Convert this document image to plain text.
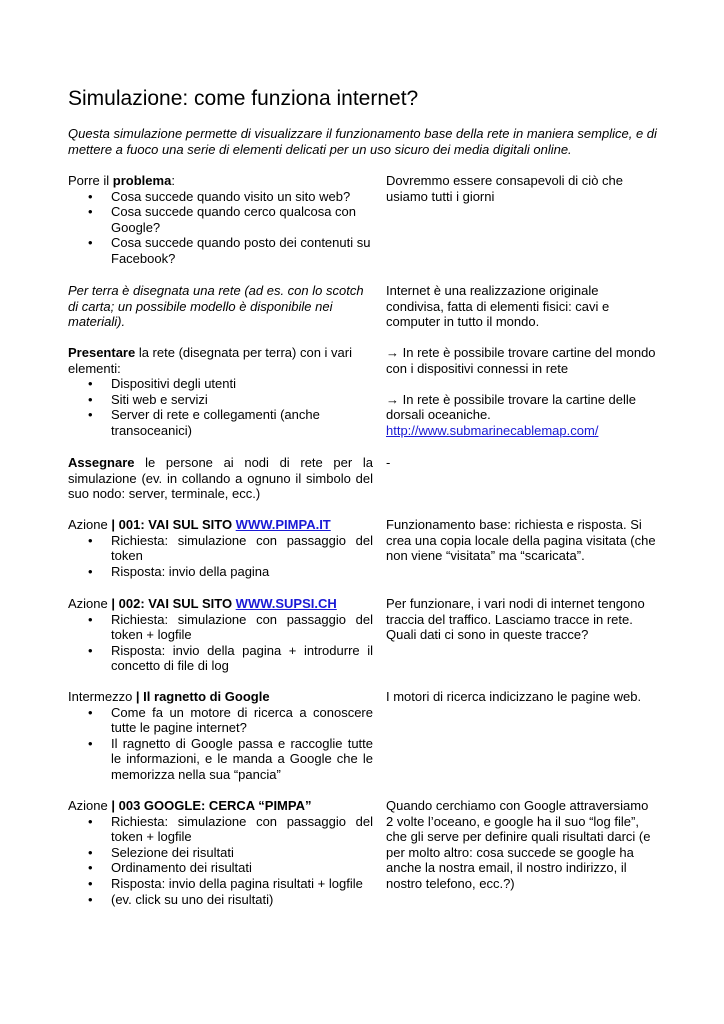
Simulazione: come funziona internet?

Questa simulazione permette di visualizzare il funzionamento base della rete in maniera semplice, e di mettere a fuoco una serie di elementi delicati per un uso sicuro dei media digitali online.

Porre il problema:

• Cosa succede quando visito un sito web?
• Cosa succede quando cerco qualcosa con Google?
• Cosa succede quando posto dei contenuti su Facebook?

Dovremmo essere consapevoli di ciò che usiamo tutti i giorni

Per terra è disegnata una rete (ad es. con lo scotch di carta; un possibile modello è disponibile nei materiali).

Internet è una realizzazione originale condivisa, fatta di elementi fisici: cavi e computer in tutto il mondo.

Presentare la rete (disegnata per terra) con i vari elementi:

• Dispositivi degli utenti
• Siti web e servizi
• Server di rete e collegamenti (anche transoceanici)

→ In rete è possibile trovare cartine del mondo con i dispositivi connessi in rete

→ In rete è possibile trovare la cartine delle dorsali oceaniche.

http://www.submarinecablemap.com/

Assegnare le persone ai nodi di rete per la simulazione (ev. in collando a ognuno il simbolo del suo nodo: server, terminale, ecc.)

-

Azione | 001: VAI SUL SITO WWW.PIMPA.IT

• Richiesta: simulazione con passaggio del token
• Risposta: invio della pagina

Funzionamento base: richiesta e risposta. Si crea una copia locale della pagina visitata (che non viene “visitata” ma “scaricata”.

Azione | 002: VAI SUL SITO WWW.SUPSI.CH

• Richiesta: simulazione con passaggio del token + logfile
• Risposta: invio della pagina + introdurre il concetto di file di log

Per funzionare, i vari nodi di internet tengono traccia del traffico. Lasciamo tracce in rete. Quali dati ci sono in queste tracce?

Intermezzo | Il ragnetto di Google

• Come fa un motore di ricerca a conoscere tutte le pagine internet?
• Il ragnetto di Google passa e raccoglie tutte le informazioni, e le manda a Google che le memorizza nella sua “pancia”

I motori di ricerca indicizzano le pagine web.

Azione | 003 GOOGLE: CERCA “PIMPA”

• Richiesta: simulazione con passaggio del token + logfile
• Selezione dei risultati
• Ordinamento dei risultati
• Risposta: invio della pagina risultati + logfile
• (ev. click su uno dei risultati)

Quando cerchiamo con Google attraversiamo 2 volte l’oceano, e google ha il suo “log file”, che gli serve per definire quali risultati darci (e per molto altro: cosa succede se google ha anche la nostra email, il nostro indirizzo, il nostro telefono, ecc.?)
